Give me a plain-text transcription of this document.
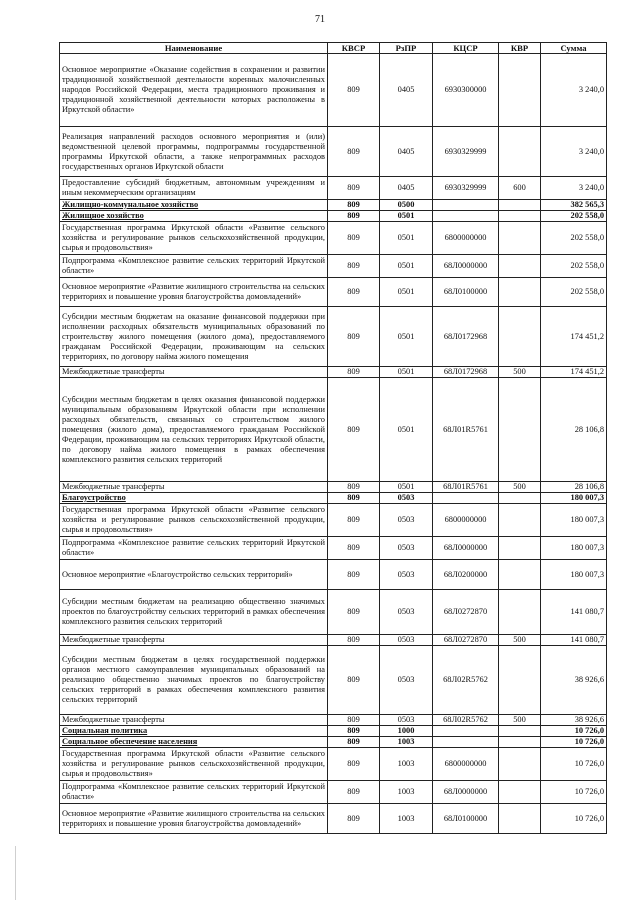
71
Наименование	КВСР	РзПР	КЦСР	КВР	Сумма
Основное мероприятие «Оказание содействия в сохранении и развитии традиционной хозяйственной деятельности коренных малочисленных народов Российской Федерации, места традиционного проживания и традиционной хозяйственной деятельности которых расположены в Иркутской области»	809	0405	6930300000		3 240,0
Реализация направлений расходов основного мероприятия и (или) ведомственной целевой программы, подпрограммы государственной программы Иркутской области, а также непрограммных расходов государственных органов Иркутской области	809	0405	6930329999		3 240,0
Предоставление субсидий бюджетным, автономным учреждениям и иным некоммерческим организациям	809	0405	6930329999	600	3 240,0
Жилищно-коммунальное хозяйство	809	0500			382 565,3
Жилищное хозяйство	809	0501			202 558,0
Государственная программа Иркутской области «Развитие сельского хозяйства и регулирование рынков сельскохозяйственной продукции, сырья и продовольствия»	809	0501	6800000000		202 558,0
Подпрограмма «Комплексное развитие сельских территорий Иркутской области»	809	0501	68Л0000000		202 558,0
Основное мероприятие «Развитие жилищного строительства на сельских территориях и повышение уровня благоустройства домовладений»	809	0501	68Л0100000		202 558,0
Субсидии местным бюджетам на оказание финансовой поддержки при исполнении расходных обязательств муниципальных образований по строительству жилого помещения (жилого дома), предоставляемого гражданам Российской Федерации, проживающим на сельских территориях, по договору найма жилого помещения	809	0501	68Л0172968		174 451,2
Межбюджетные трансферты	809	0501	68Л0172968	500	174 451,2
Субсидии местным бюджетам в целях оказания финансовой поддержки муниципальным образованиям Иркутской области при исполнении расходных обязательств, связанных со строительством жилого помещения (жилого дома), предоставляемого гражданам Российской Федерации, проживающим на сельских территориях Иркутской области, по договору найма жилого помещения в рамках обеспечения комплексного развития сельских территорий	809	0501	68Л01R5761		28 106,8
Межбюджетные трансферты	809	0501	68Л01R5761	500	28 106,8
Благоустройство	809	0503			180 007,3
Государственная программа Иркутской области «Развитие сельского хозяйства и регулирование рынков сельскохозяйственной продукции, сырья и продовольствия»	809	0503	6800000000		180 007,3
Подпрограмма «Комплексное развитие сельских территорий Иркутской области»	809	0503	68Л0000000		180 007,3
Основное мероприятие «Благоустройство сельских территорий»	809	0503	68Л0200000		180 007,3
Субсидии местным бюджетам на реализацию общественно значимых проектов по благоустройству сельских территорий в рамках обеспечения комплексного развития сельских территорий	809	0503	68Л0272870		141 080,7
Межбюджетные трансферты	809	0503	68Л0272870	500	141 080,7
Субсидии местным бюджетам в целях государственной поддержки органов местного самоуправления муниципальных образований на реализацию общественно значимых проектов по благоустройству сельских территорий в рамках обеспечения комплексного развития сельских территорий	809	0503	68Л02R5762		38 926,6
Межбюджетные трансферты	809	0503	68Л02R5762	500	38 926,6
Социальная политика	809	1000			10 726,0
Социальное обеспечение населения	809	1003			10 726,0
Государственная программа Иркутской области «Развитие сельского хозяйства и регулирование рынков сельскохозяйственной продукции, сырья и продовольствия»	809	1003	6800000000		10 726,0
Подпрограмма «Комплексное развитие сельских территорий Иркутской области»	809	1003	68Л0000000		10 726,0
Основное мероприятие «Развитие жилищного строительства на сельских территориях и повышение уровня благоустройства домовладений»	809	1003	68Л0100000		10 726,0
